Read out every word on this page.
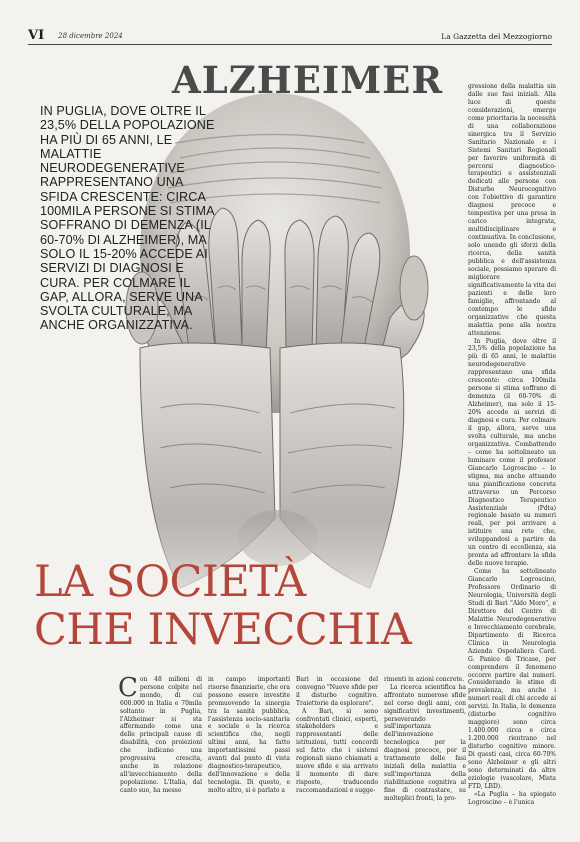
VI 28 dicembre 2024	La Gazzetta del Mezzogiorno
ALZHEIMER

IN PUGLIA, DOVE OLTRE IL 23,5% DELLA POPOLAZIONE HA PIÙ DI 65 ANNI, LE MALATTIE NEURODEGENERATIVE RAPPRESENTANO UNA SFIDA CRESCENTE: CIRCA 100MILA PERSONE SI STIMA SOFFRANO DI DEMENZA (IL 60-70% DI ALZHEIMER), MA SOLO IL 15-20% ACCEDE AI SERVIZI DI DIAGNOSI E CURA. PER COLMARE IL GAP, ALLORA, SERVE UNA SVOLTA CULTURALE, MA ANCHE ORGANIZZATIVA.

LA SOCIETÀ
CHE INVECCHIA

gressione della malattia sin dalle sue fasi iniziali. Alla luce di queste considerazioni, emerge come prioritaria la necessità di una collaborazione sinergica tra il Servizio Sanitario Nazionale e i Sistemi Sanitari Regionali per favorire uniformità di percorsi diagnostico-terapeutici e assistenziali dedicati alle persone con Disturbo Neurocognitivo con l'obiettivo di garantire diagnosi precoce e tempestiva per una presa in carico integrata, multidisciplinare e continuativa. In conclusione, solo unendo gli sforzi della ricerca, della sanità pubblica e dell'assistenza sociale, possiamo sperare di migliorare significativamente la vita dei pazienti e delle loro famiglie, affrontando al contempo le sfide organizzative che questa malattia pone alla nostra attenzione.

In Puglia, dove oltre il 23,5% della popolazione ha più di 65 anni, le malattie neurodegenerative rappresentano una sfida crescente: circa 100mila persone si stima soffrano di demenza (il 60-70% di Alzheimer), ma solo il 15-20% accede ai servizi di diagnosi e cura. Per colmare il gap, allora, serve una svolta culturale, ma anche organizzativa. Combattendo – come ha sottolineato un luminare come il professor Giancarlo Logroscino – lo stigma, ma anche attuando una pianificazione concreta attraverso un Percorso Diagnostico Terapeutico Assistenziale (Pdta) regionale basato su numeri reali, per poi arrivare a istituire una rete che, sviluppandosi a partire da un centro di eccellenza, sia pronta ad affrontare la sfida delle nuove terapie.

Come ha sottolineato Giancarlo Logroscino, Professore Ordinario di Neurologia, Università degli Studi di Bari "Aldo Moro", e Direttore del Centro di Malattie Neurodegenerative e Invecchiamento cerebrale, Dipartimento di Ricerca Clinica in Neurologia Azienda Ospedaliera Card. G. Panico di Tricase, per comprendere il fenomeno occorre partire dai numeri. Considerando le stime di prevalenza, ma anche i numeri reali di chi accede ai servizi. In Italia, le demenze (disturbo cognitivo maggiore) sono circa 1.400.000 circa e circa 1.200.000 rientrano nel disturbo cognitivo minore. Di questi casi, circa 60-70% sono Alzheimer e gli altri sono determinati da altre eziologie (vascolare, Mista FTD, LBD).

«La Puglia – ha spiegato Logroscino – è l'unica

C on 48 milioni di persone colpite nel mondo, di cui 600.000 in Italia e 70mila soltanto in Puglia, l'Alzheimer si sta affermando come una delle principali cause di disabilità, con proiezioni che indicano una progressiva crescita, anche in relazione all'invecchiamento della popolazione. L'Italia, dal canto suo, ha messo

in campo importanti risorse finanziarie, che ora possono essere investite promuovendo la sinergia tra la sanità pubblica, l'assistenza socio-sanitaria e sociale e la ricerca scientifica che, negli ultimi anni, ha fatto importantissimi passi avanti dal punto di vista diagnostico-terapeutico, dell'innovazione e della tecnologia. Di questo, e molto altro, si è parlato a

Bari in occasione del convegno "Nuove sfide per il disturbo cognitivo. Traiettorie da esplorare".

A Bari, si sono confrontati clinici, esperti, stakeholders e rappresentanti delle istituzioni, tutti concordi sul fatto che i sistemi regionali siano chiamati a nuove sfide e sia arrivato il momento di dare risposte, traducendo raccomandazioni e sugge-

rimenti in azioni concrete.

La ricerca scientifica ha affrontato numerose sfide nel corso degli anni, con significativi investimenti, perseverando sull'importanza dell'innovazione tecnologica per la diagnosi precoce, per il trattamento delle fasi iniziali della malattia e sull'importanza della riabilitazione cognitiva al fine di contrastare, su molteplici fronti, la pro-
